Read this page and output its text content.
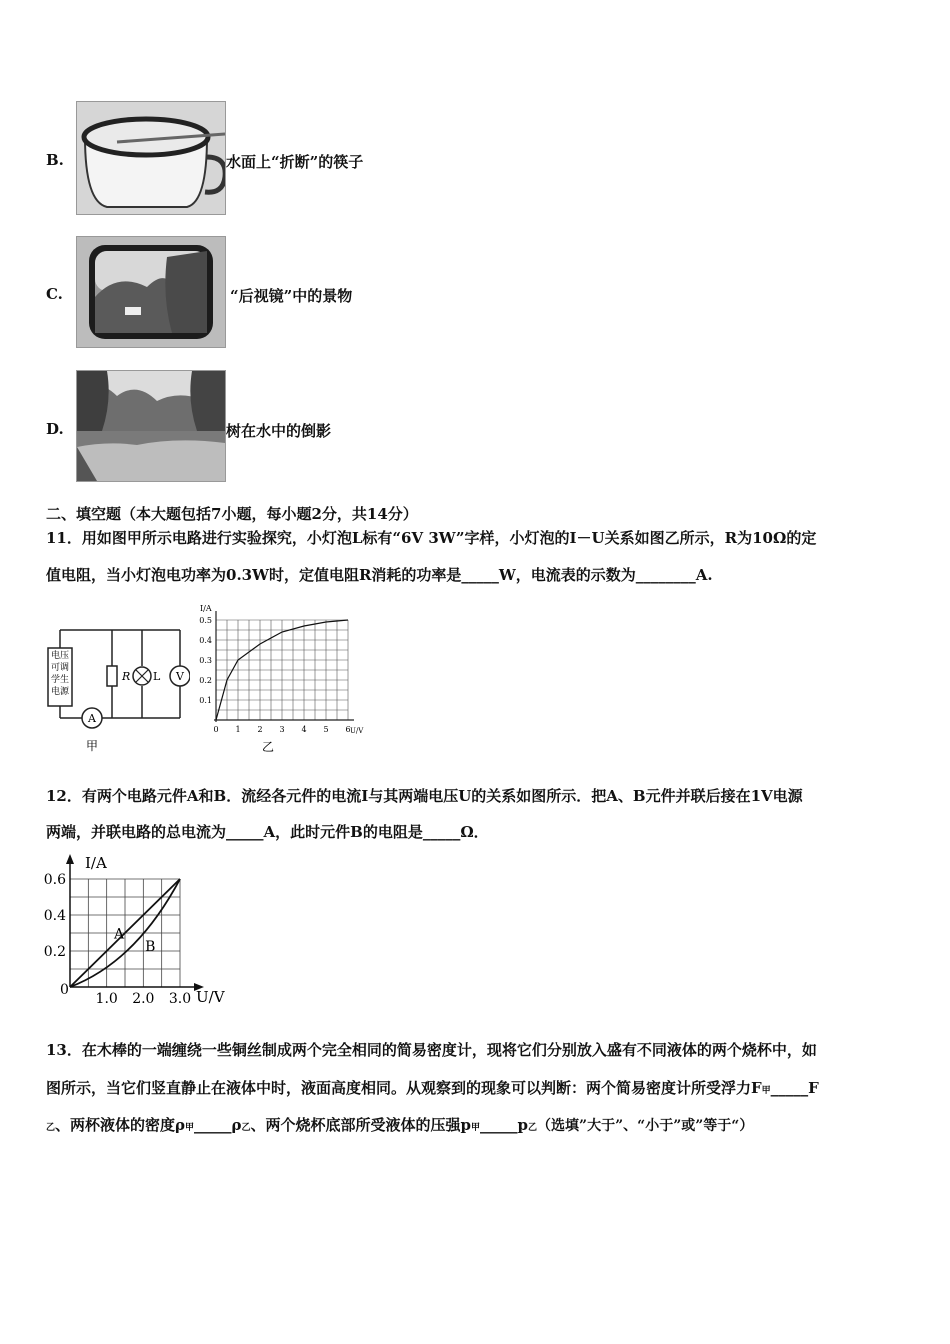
B.	水面上“折断”的筷子
C.	“后视镜”中的景物
D.	树在水中的倒影
二、填空题（本大题包括7小题，每小题2分，共14分）
11．用如图甲所示电路进行实验探究，小灯泡L标有“6V 3W”字样，小灯泡的I－U关系如图乙所示，R为10Ω的定
值电阻，当小灯泡电功率为0.3W时，定值电阻R消耗的功率是_____W，电流表的示数为________A.
电压
可调
学生
电源
A
R L V
甲
I/A
U/V
乙
0 1 2 3 4 5 6
0.1
0.2
0.3
0.4
0.5
12．有两个电路元件A和B．流经各元件的电流I与其两端电压U的关系如图所示．把A、B元件并联后接在1V电源
两端，并联电路的总电流为_____A，此时元件B的电阻是_____Ω．
I/A
U/V
0
1.0 2.0 3.0
0.2
0.4
0.6
A
B
13．在木棒的一端缠绕一些铜丝制成两个完全相同的简易密度计，现将它们分别放入盛有不同液体的两个烧杯中，如
图所示，当它们竖直静止在液体中时，液面高度相同。从观察到的现象可以判断：两个简易密度计所受浮力F甲_____F
乙、两杯液体的密度ρ甲_____ρ乙、两个烧杯底部所受液体的压强p甲_____p乙（选填”大于”、“小于”或”等于“）
